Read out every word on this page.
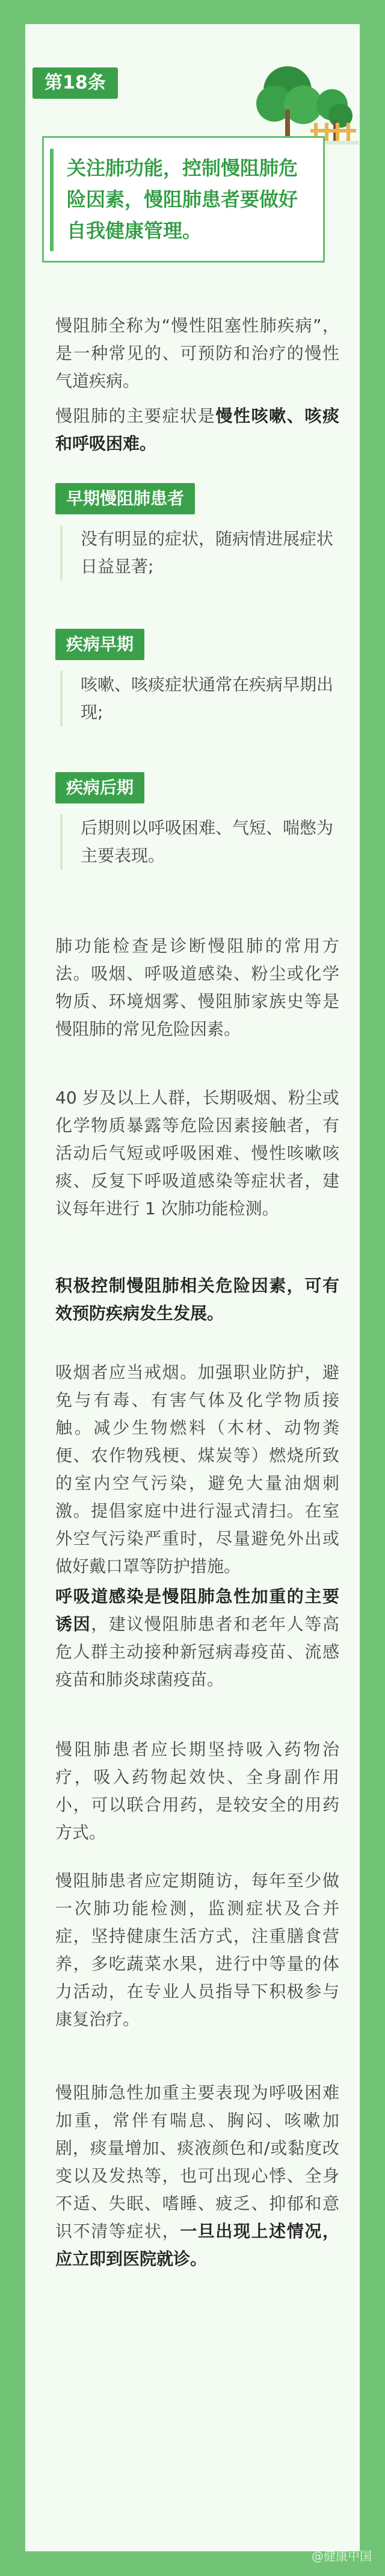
第18条
关注肺功能，控制慢阻肺危险因素，慢阻肺患者要做好自我健康管理。
慢阻肺全称为“慢性阻塞性肺疾病”，是一种常见的、可预防和治疗的慢性气道疾病。
慢阻肺的主要症状是慢性咳嗽、咳痰和呼吸困难。
早期慢阻肺患者
没有明显的症状，随病情进展症状日益显著;
疾病早期
咳嗽、咳痰症状通常在疾病早期出现;
疾病后期
后期则以呼吸困难、气短、喘憋为主要表现。
肺功能检查是诊断慢阻肺的常用方法。吸烟、呼吸道感染、粉尘或化学物质、环境烟雾、慢阻肺家族史等是慢阻肺的常见危险因素。
40 岁及以上人群，长期吸烟、粉尘或化学物质暴露等危险因素接触者，有活动后气短或呼吸困难、慢性咳嗽咳痰、反复下呼吸道感染等症状者，建议每年进行 1 次肺功能检测。
积极控制慢阻肺相关危险因素，可有效预防疾病发生发展。
吸烟者应当戒烟。加强职业防护，避免与有毒、有害气体及化学物质接触。减少生物燃料（木材、动物粪便、农作物残梗、煤炭等）燃烧所致的室内空气污染，避免大量油烟刺激。提倡家庭中进行湿式清扫。在室外空气污染严重时，尽量避免外出或做好戴口罩等防护措施。
呼吸道感染是慢阻肺急性加重的主要诱因，建议慢阻肺患者和老年人等高危人群主动接种新冠病毒疫苗、流感疫苗和肺炎球菌疫苗。
慢阻肺患者应长期坚持吸入药物治疗，吸入药物起效快、全身副作用小，可以联合用药，是较安全的用药方式。
慢阻肺患者应定期随访，每年至少做一次肺功能检测，监测症状及合并症，坚持健康生活方式，注重膳食营养，多吃蔬菜水果，进行中等量的体力活动，在专业人员指导下积极参与康复治疗。
慢阻肺急性加重主要表现为呼吸困难加重，常伴有喘息、胸闷、咳嗽加剧，痰量增加、痰液颜色和/或黏度改变以及发热等，也可出现心悸、全身不适、失眠、嗜睡、疲乏、抑郁和意识不清等症状，一旦出现上述情况，应立即到医院就诊。
@健康中国
